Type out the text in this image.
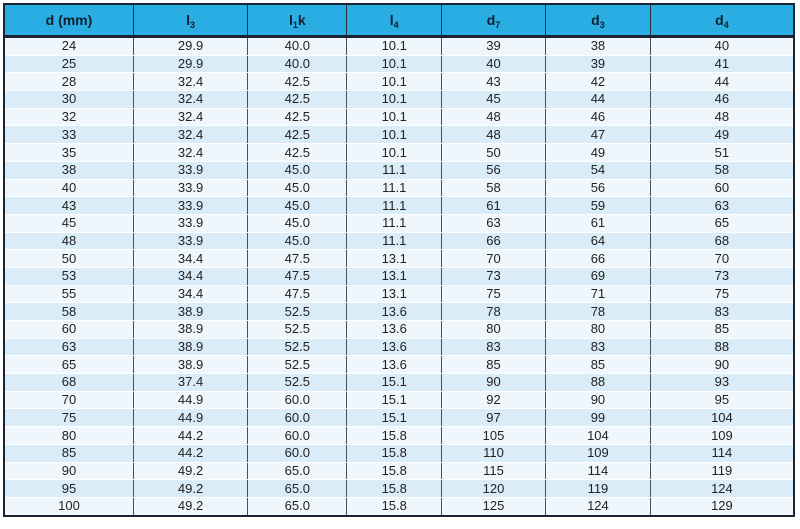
d (mm)	$l_3$	$l_1k$	$l_4$	$d_7$	$d_3$	$d_4$
24	29.9	40.0	10.1	39	38	40
25	29.9	40.0	10.1	40	39	41
28	32.4	42.5	10.1	43	42	44
30	32.4	42.5	10.1	45	44	46
32	32.4	42.5	10.1	48	46	48
33	32.4	42.5	10.1	48	47	49
35	32.4	42.5	10.1	50	49	51
38	33.9	45.0	11.1	56	54	58
40	33.9	45.0	11.1	58	56	60
43	33.9	45.0	11.1	61	59	63
45	33.9	45.0	11.1	63	61	65
48	33.9	45.0	11.1	66	64	68
50	34.4	47.5	13.1	70	66	70
53	34.4	47.5	13.1	73	69	73
55	34.4	47.5	13.1	75	71	75
58	38.9	52.5	13.6	78	78	83
60	38.9	52.5	13.6	80	80	85
63	38.9	52.5	13.6	83	83	88
65	38.9	52.5	13.6	85	85	90
68	37.4	52.5	15.1	90	88	93
70	44.9	60.0	15.1	92	90	95
75	44.9	60.0	15.1	97	99	104
80	44.2	60.0	15.8	105	104	109
85	44.2	60.0	15.8	110	109	114
90	49.2	65.0	15.8	115	114	119
95	49.2	65.0	15.8	120	119	124
100	49.2	65.0	15.8	125	124	129
